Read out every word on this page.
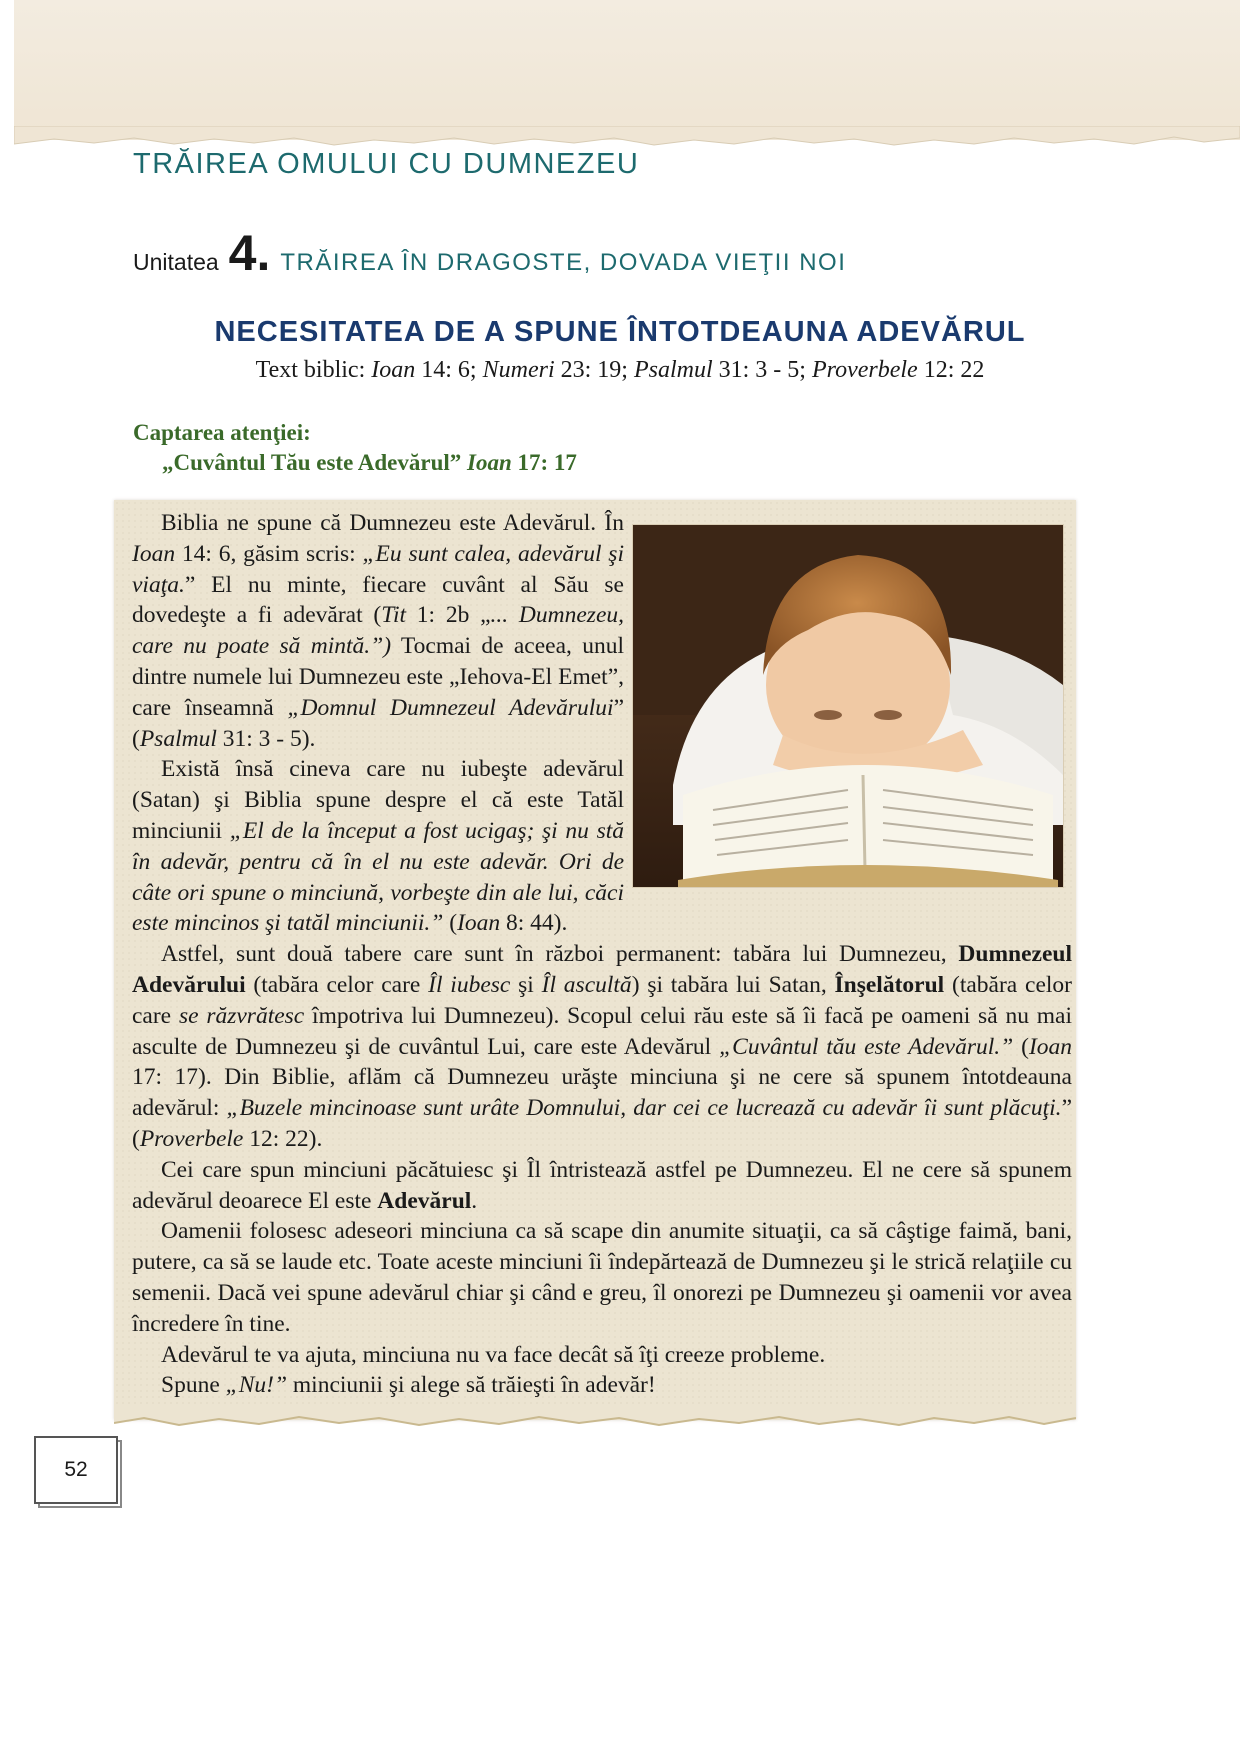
TRĂIREA OMULUI CU DUMNEZEU
Unitatea 4. TRĂIREA ÎN DRAGOSTE, DOVADA VIEŢII NOI
NECESITATEA DE A SPUNE ÎNTOTDEAUNA ADEVĂRUL
Text biblic: Ioan 14: 6; Numeri 23: 19; Psalmul 31: 3 - 5; Proverbele 12: 22
Captarea atenţiei:
„Cuvântul Tău este Adevărul” Ioan 17: 17

Biblia ne spune că Dumnezeu este Adevărul. În Ioan 14: 6, găsim scris: „Eu sunt calea, adevărul şi viaţa.” El nu minte, fiecare cuvânt al Său se dovedeşte a fi adevărat (Tit 1: 2b „... Dumnezeu, care nu poate să mintă.”) Tocmai de aceea, unul dintre numele lui Dumnezeu este „Iehova-El Emet”, care înseamnă „Domnul Dumnezeul Adevărului” (Psalmul 31: 3 - 5).

Există însă cineva care nu iubeşte adevărul (Satan) şi Biblia spune despre el că este Tatăl minciunii „El de la început a fost ucigaş; şi nu stă în adevăr, pentru că în el nu este adevăr. Ori de câte ori spune o minciună, vorbeşte din ale lui, căci este mincinos şi tatăl minciunii.” (Ioan 8: 44).

Astfel, sunt două tabere care sunt în război permanent: tabăra lui Dumnezeu, Dumnezeul Adevărului (tabăra celor care Îl iubesc şi Îl ascultă) şi tabăra lui Satan, Înşelătorul (tabăra celor care se răzvrătesc împotriva lui Dumnezeu). Scopul celui rău este să îi facă pe oameni să nu mai asculte de Dumnezeu şi de cuvântul Lui, care este Adevărul „Cuvântul tău este Adevărul.” (Ioan 17: 17). Din Biblie, aflăm că Dumnezeu urăşte minciuna şi ne cere să spunem întotdeauna adevărul: „Buzele mincinoase sunt urâte Domnului, dar cei ce lucrează cu adevăr îi sunt plăcuţi.” (Proverbele 12: 22).

Cei care spun minciuni păcătuiesc şi Îl întristează astfel pe Dumnezeu. El ne cere să spunem adevărul deoarece El este Adevărul.

Oamenii folosesc adeseori minciuna ca să scape din anumite situaţii, ca să câştige faimă, bani, putere, ca să se laude etc. Toate aceste minciuni îi îndepărtează de Dumnezeu şi le strică relaţiile cu semenii. Dacă vei spune adevărul chiar şi când e greu, îl onorezi pe Dumnezeu şi oamenii vor avea încredere în tine.

Adevărul te va ajuta, minciuna nu va face decât să îţi creeze probleme.

Spune „Nu!” minciunii şi alege să trăieşti în adevăr!

52
